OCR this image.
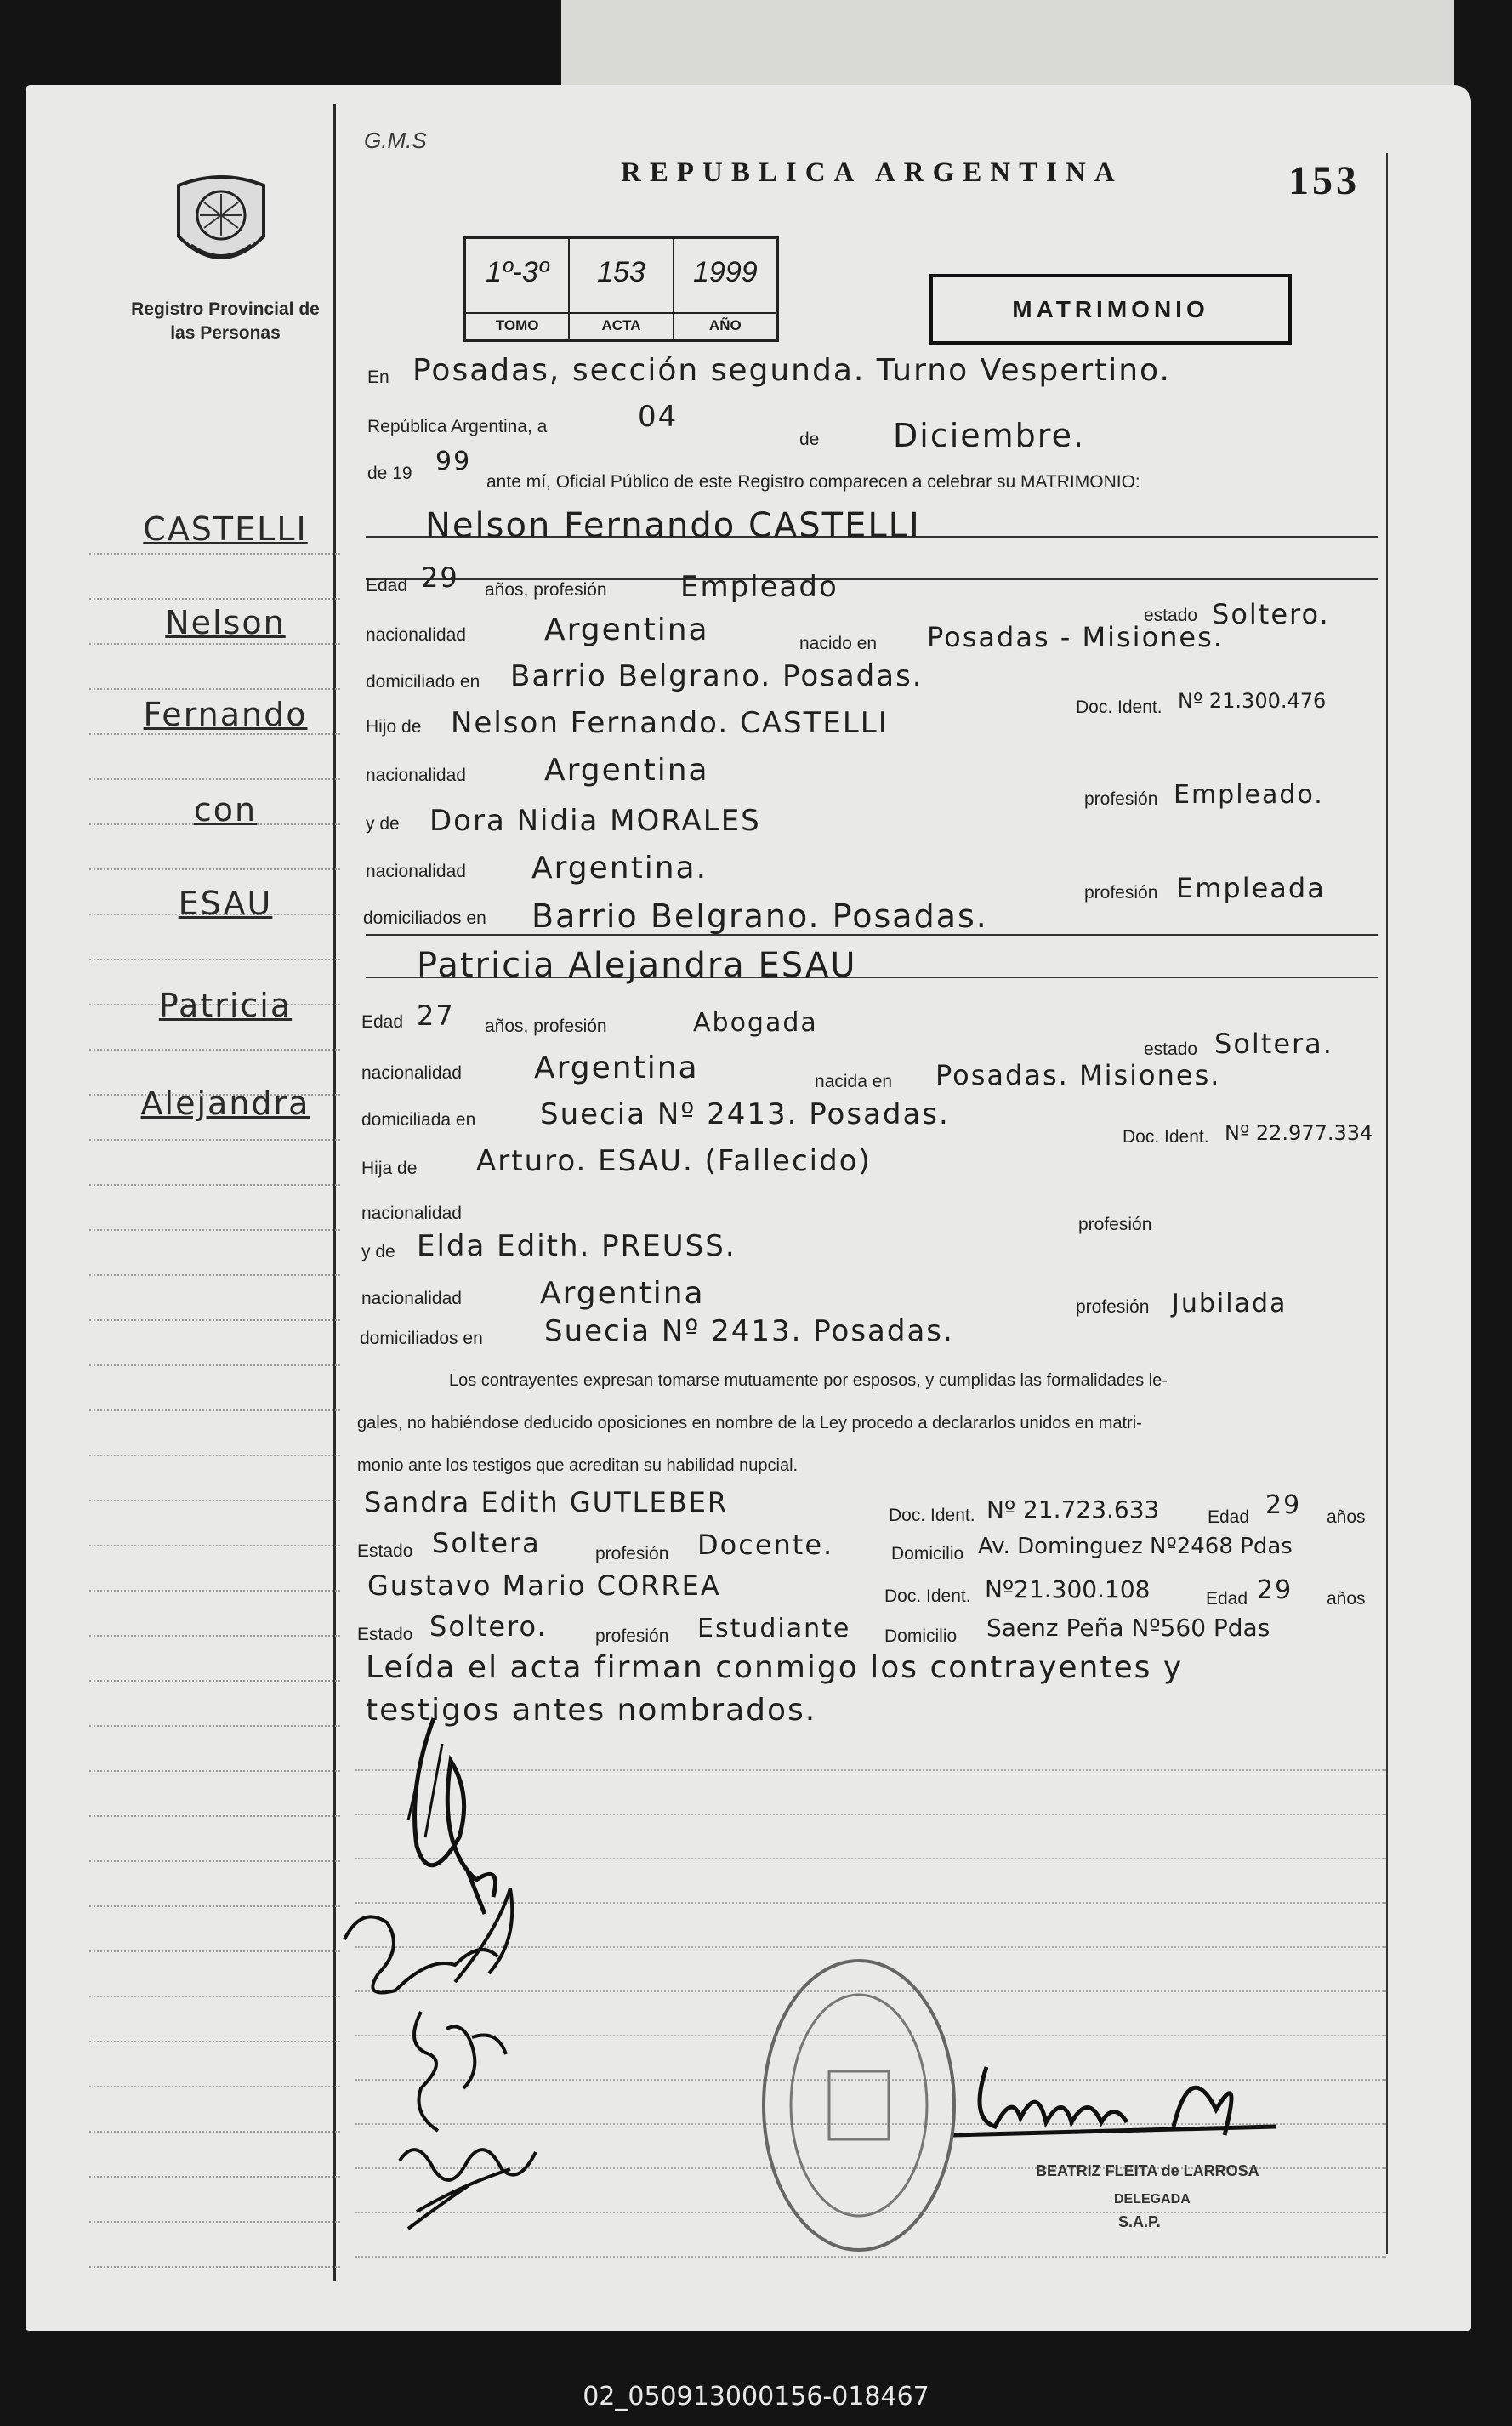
Registro Provincial de las Personas
G.M.S
REPUBLICA ARGENTINA	153
1º-3º
TOMO
153
ACTA
1999
AÑO
MATRIMONIO
CASTELLI
Nelson
Fernando
con
ESAU
Patricia
Alejandra
En Posadas, sección segunda. Turno Vespertino.
República Argentina, a	04
de Diciembre.
de 19 99
ante mí, Oficial Público de este Registro comparecen a celebrar su MATRIMONIO:
Nelson Fernando CASTELLI
Edad 29 años, profesión	Empleado
estado Soltero.
nacionalidad	Argentina	nacido en Posadas - Misiones.
domiciliado en Barrio Belgrano. Posadas.
Doc. Ident. Nº 21.300.476
Hijo de Nelson Fernando. CASTELLI
nacionalidad	Argentina
profesión Empleado.
y de Dora Nidia MORALES
nacionalidad Argentina.
profesión Empleada
domiciliados en Barrio Belgrano. Posadas.
Patricia Alejandra ESAU
Edad 27 años, profesión	Abogada
estado Soltera.
nacionalidad Argentina	nacida en Posadas. Misiones.
domiciliada en Suecia Nº 2413. Posadas.
Doc. Ident. Nº 22.977.334
Hija de Arturo. ESAU. (Fallecido)
nacionalidad
profesión
y de Elda Edith. PREUSS.
nacionalidad	Argentina	profesión Jubilada
domiciliados en Suecia Nº 2413. Posadas.
Los contrayentes expresan tomarse mutuamente por esposos, y cumplidas las formalidades le-
gales, no habiéndose deducido oposiciones en nombre de la Ley procedo a declararlos unidos en matri-
monio ante los testigos que acreditan su habilidad nupcial.
Sandra Edith GUTLEBER	Doc. Ident. Nº 21.723.633	Edad 29 años
Estado Soltera	profesión Docente.	Domicilio Av. Dominguez Nº2468 Pdas
Gustavo Mario CORREA	Doc. Ident. Nº21.300.108	Edad 29 años
Estado Soltero.	profesión Estudiante Domicilio Saenz Peña Nº560 Pdas
Leída el acta firman conmigo los contrayentes y
testigos antes nombrados.
BEATRIZ FLEITA de LARROSA
DELEGADA
S.A.P.
02_050913000156-018467
